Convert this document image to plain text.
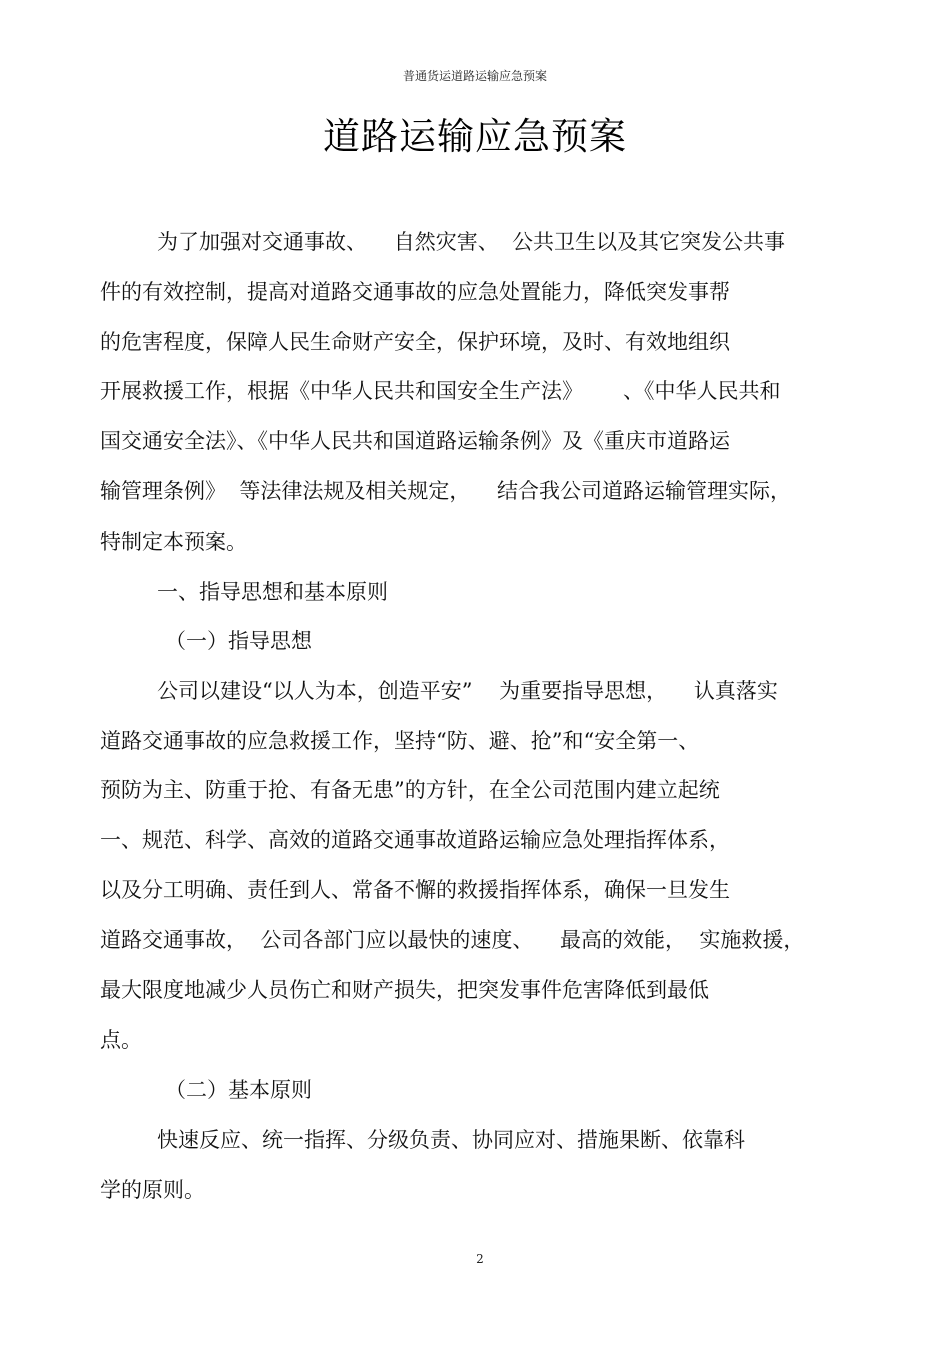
普通货运道路运输应急预案
道路运输应急预案
为了加强对交通事故、    自然灾害、  公共卫生以及其它突发公共事
件的有效控制，提高对道路交通事故的应急处置能力，降低突发事帮
的危害程度，保障人民生命财产安全，保护环境，及时、有效地组织
开展救援工作，根据《中华人民共和国安全生产法》      、《中华人民共和
国交通安全法》、《中华人民共和国道路运输条例》及《重庆市道路运
输管理条例》  等法律法规及相关规定，    结合我公司道路运输管理实际，
特制定本预案。
一、指导思想和基本原则
（一）指导思想
公司以建设“以人为本，创造平安”    为重要指导思想，    认真落实
道路交通事故的应急救援工作，坚持“防、避、抢”和“安全第一、
预防为主、防重于抢、有备无患”的方针，在全公司范围内建立起统
一、规范、科学、高效的道路交通事故道路运输应急处理指挥体系，
以及分工明确、责任到人、常备不懈的救援指挥体系，确保一旦发生
道路交通事故，  公司各部门应以最快的速度、    最高的效能，  实施救援，
最大限度地减少人员伤亡和财产损失，把突发事件危害降低到最低
点。
（二）基本原则
快速反应、统一指挥、分级负责、协同应对、措施果断、依靠科
学的原则。
2
